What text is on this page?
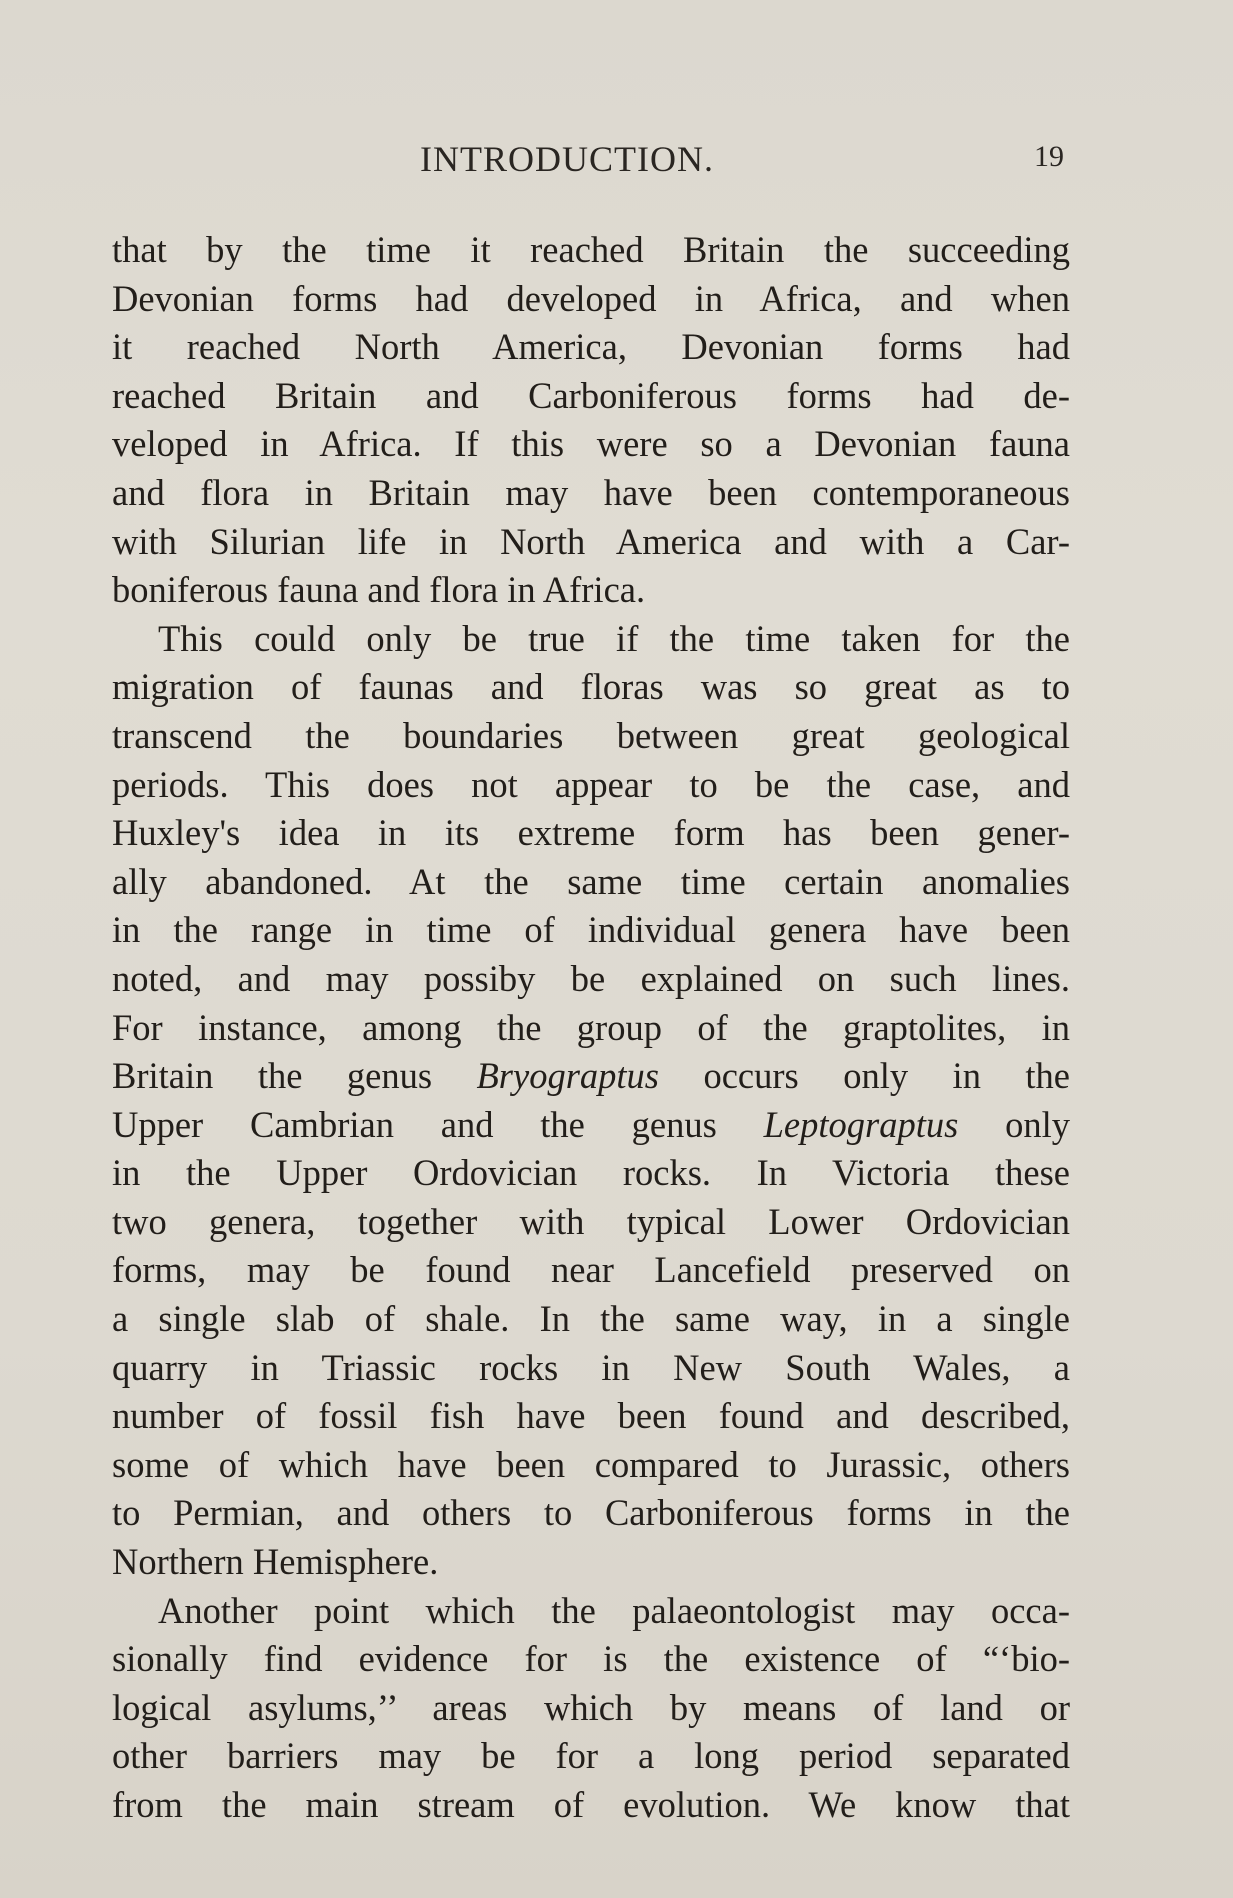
INTRODUCTION.	19
that by the time it reached Britain the succeeding
Devonian forms had developed in Africa, and when
it reached North America, Devonian forms had
reached Britain and Carboniferous forms had de-
veloped in Africa. If this were so a Devonian fauna
and flora in Britain may have been contemporaneous
with Silurian life in North America and with a Car-
boniferous fauna and flora in Africa.
This could only be true if the time taken for the
migration of faunas and floras was so great as to
transcend the boundaries between great geological
periods. This does not appear to be the case, and
Huxley's idea in its extreme form has been gener-
ally abandoned. At the same time certain anomalies
in the range in time of individual genera have been
noted, and may possiby be explained on such lines.
For instance, among the group of the graptolites, in
Britain the genus Bryograptus occurs only in the
Upper Cambrian and the genus Leptograptus only
in the Upper Ordovician rocks. In Victoria these
two genera, together with typical Lower Ordovician
forms, may be found near Lancefield preserved on
a single slab of shale. In the same way, in a single
quarry in Triassic rocks in New South Wales, a
number of fossil fish have been found and described,
some of which have been compared to Jurassic, others
to Permian, and others to Carboniferous forms in the
Northern Hemisphere.
Another point which the palaeontologist may occa-
sionally find evidence for is the existence of “‘bio-
logical asylums,’’ areas which by means of land or
other barriers may be for a long period separated
from the main stream of evolution. We know that
